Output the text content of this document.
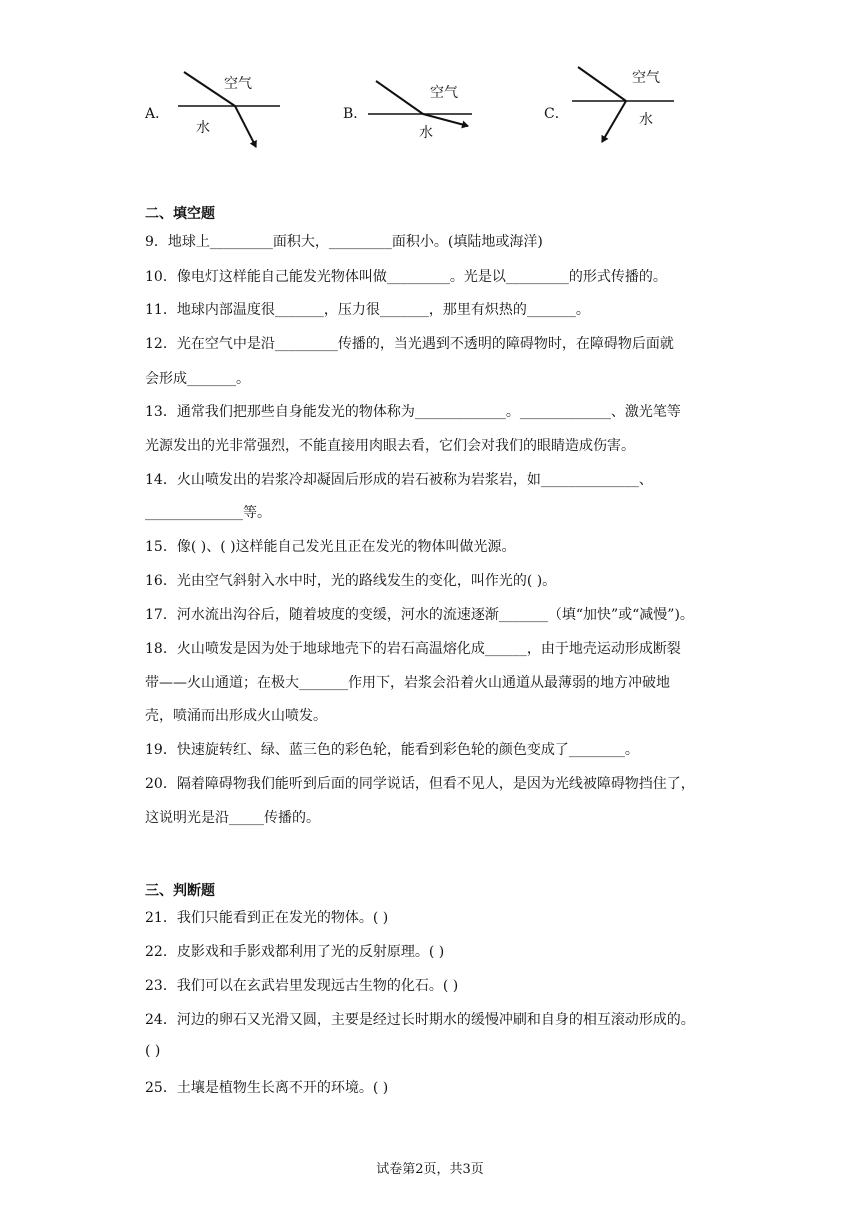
A．
空气
水
B．
空气
水
C．
空气
水
二、填空题
9．地球上_________面积大，_________面积小。(填陆地或海洋)
10．像电灯这样能自己能发光物体叫做_________。光是以_________的形式传播的。
11．地球内部温度很_______，压力很_______，那里有炽热的_______。
12．光在空气中是沿_________传播的，当光遇到不透明的障碍物时，在障碍物后面就
会形成_______。
13．通常我们把那些自身能发光的物体称为_____________。_____________、激光笔等
光源发出的光非常强烈，不能直接用肉眼去看，它们会对我们的眼睛造成伤害。
14．火山喷发出的岩浆冷却凝固后形成的岩石被称为岩浆岩，如______________、
______________等。
15．像( )、( )这样能自己发光且正在发光的物体叫做光源。
16．光由空气斜射入水中时，光的路线发生的变化，叫作光的( )。
17．河水流出沟谷后，随着坡度的变缓，河水的流速逐渐_______（填“加快”或“减慢”)。
18．火山喷发是因为处于地球地壳下的岩石高温熔化成______，由于地壳运动形成断裂
带——火山通道；在极大_______作用下，岩浆会沿着火山通道从最薄弱的地方冲破地
壳，喷涌而出形成火山喷发。
19．快速旋转红、绿、蓝三色的彩色轮，能看到彩色轮的颜色变成了________。
20．隔着障碍物我们能听到后面的同学说话，但看不见人，是因为光线被障碍物挡住了，
这说明光是沿_____传播的。
三、判断题
21．我们只能看到正在发光的物体。( )
22．皮影戏和手影戏都利用了光的反射原理。( )
23．我们可以在玄武岩里发现远古生物的化石。( )
24．河边的卵石又光滑又圆，主要是经过长时期水的缓慢冲刷和自身的相互滚动形成的。
( )
25．土壤是植物生长离不开的环境。( )
试卷第2页，共3页
